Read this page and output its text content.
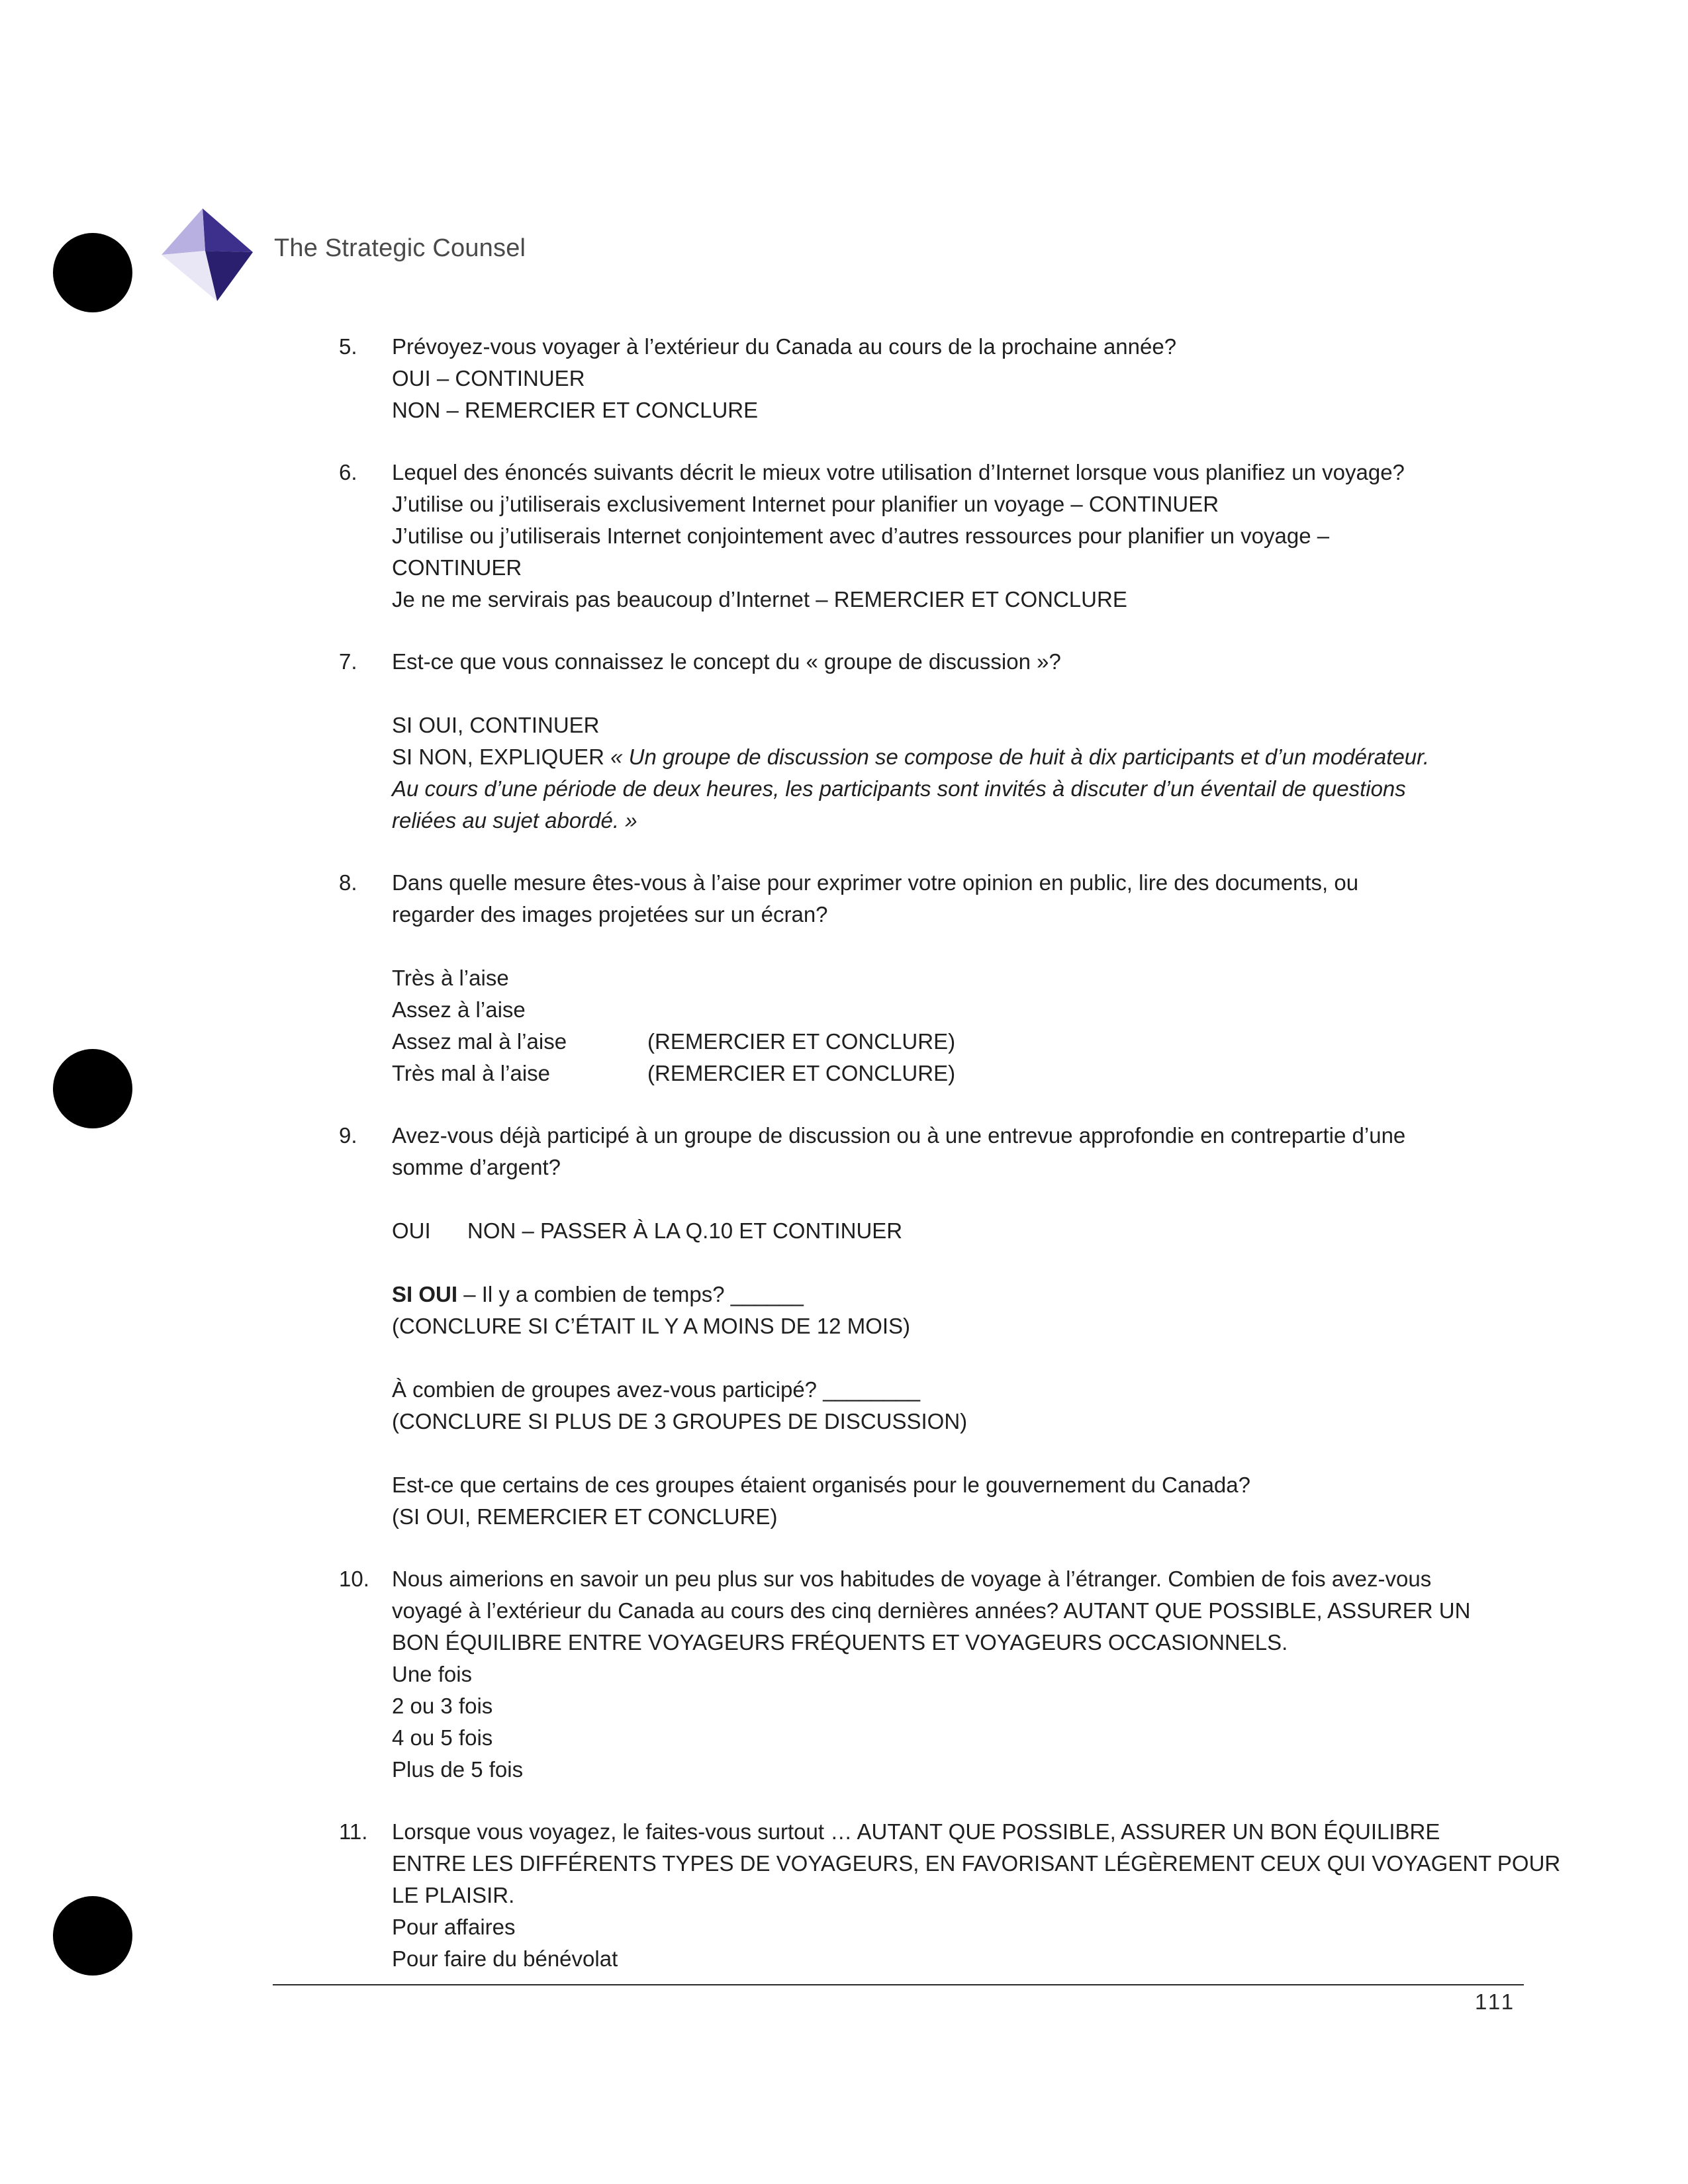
The Strategic Counsel
5. Prévoyez-vous voyager à l’extérieur du Canada au cours de la prochaine année?
OUI – CONTINUER
NON – REMERCIER ET CONCLURE
6. Lequel des énoncés suivants décrit le mieux votre utilisation d’Internet lorsque vous planifiez un voyage?
J’utilise ou j’utiliserais exclusivement Internet pour planifier un voyage – CONTINUER
J’utilise ou j’utiliserais Internet conjointement avec d’autres ressources pour planifier un voyage –
CONTINUER
Je ne me servirais pas beaucoup d’Internet – REMERCIER ET CONCLURE
7. Est-ce que vous connaissez le concept du « groupe de discussion »?
SI OUI, CONTINUER
SI NON, EXPLIQUER « Un groupe de discussion se compose de huit à dix participants et d’un modérateur.
Au cours d’une période de deux heures, les participants sont invités à discuter d’un éventail de questions
reliées au sujet abordé. »
8. Dans quelle mesure êtes-vous à l’aise pour exprimer votre opinion en public, lire des documents, ou
regarder des images projetées sur un écran?
Très à l’aise
Assez à l’aise
Assez mal à l’aise	(REMERCIER ET CONCLURE)
Très mal à l’aise	(REMERCIER ET CONCLURE)
9. Avez-vous déjà participé à un groupe de discussion ou à une entrevue approfondie en contrepartie d’une
somme d’argent?
OUI NON – PASSER À LA Q.10 ET CONTINUER
SI OUI – Il y a combien de temps? ______
(CONCLURE SI C’ÉTAIT IL Y A MOINS DE 12 MOIS)
À combien de groupes avez-vous participé? ________
(CONCLURE SI PLUS DE 3 GROUPES DE DISCUSSION)
Est-ce que certains de ces groupes étaient organisés pour le gouvernement du Canada?
(SI OUI, REMERCIER ET CONCLURE)
10. Nous aimerions en savoir un peu plus sur vos habitudes de voyage à l’étranger. Combien de fois avez-vous
voyagé à l’extérieur du Canada au cours des cinq dernières années? AUTANT QUE POSSIBLE, ASSURER UN
BON ÉQUILIBRE ENTRE VOYAGEURS FRÉQUENTS ET VOYAGEURS OCCASIONNELS.
Une fois
2 ou 3 fois
4 ou 5 fois
Plus de 5 fois
11. Lorsque vous voyagez, le faites-vous surtout … AUTANT QUE POSSIBLE, ASSURER UN BON ÉQUILIBRE
ENTRE LES DIFFÉRENTS TYPES DE VOYAGEURS, EN FAVORISANT LÉGÈREMENT CEUX QUI VOYAGENT POUR
LE PLAISIR.
Pour affaires
Pour faire du bénévolat
111
